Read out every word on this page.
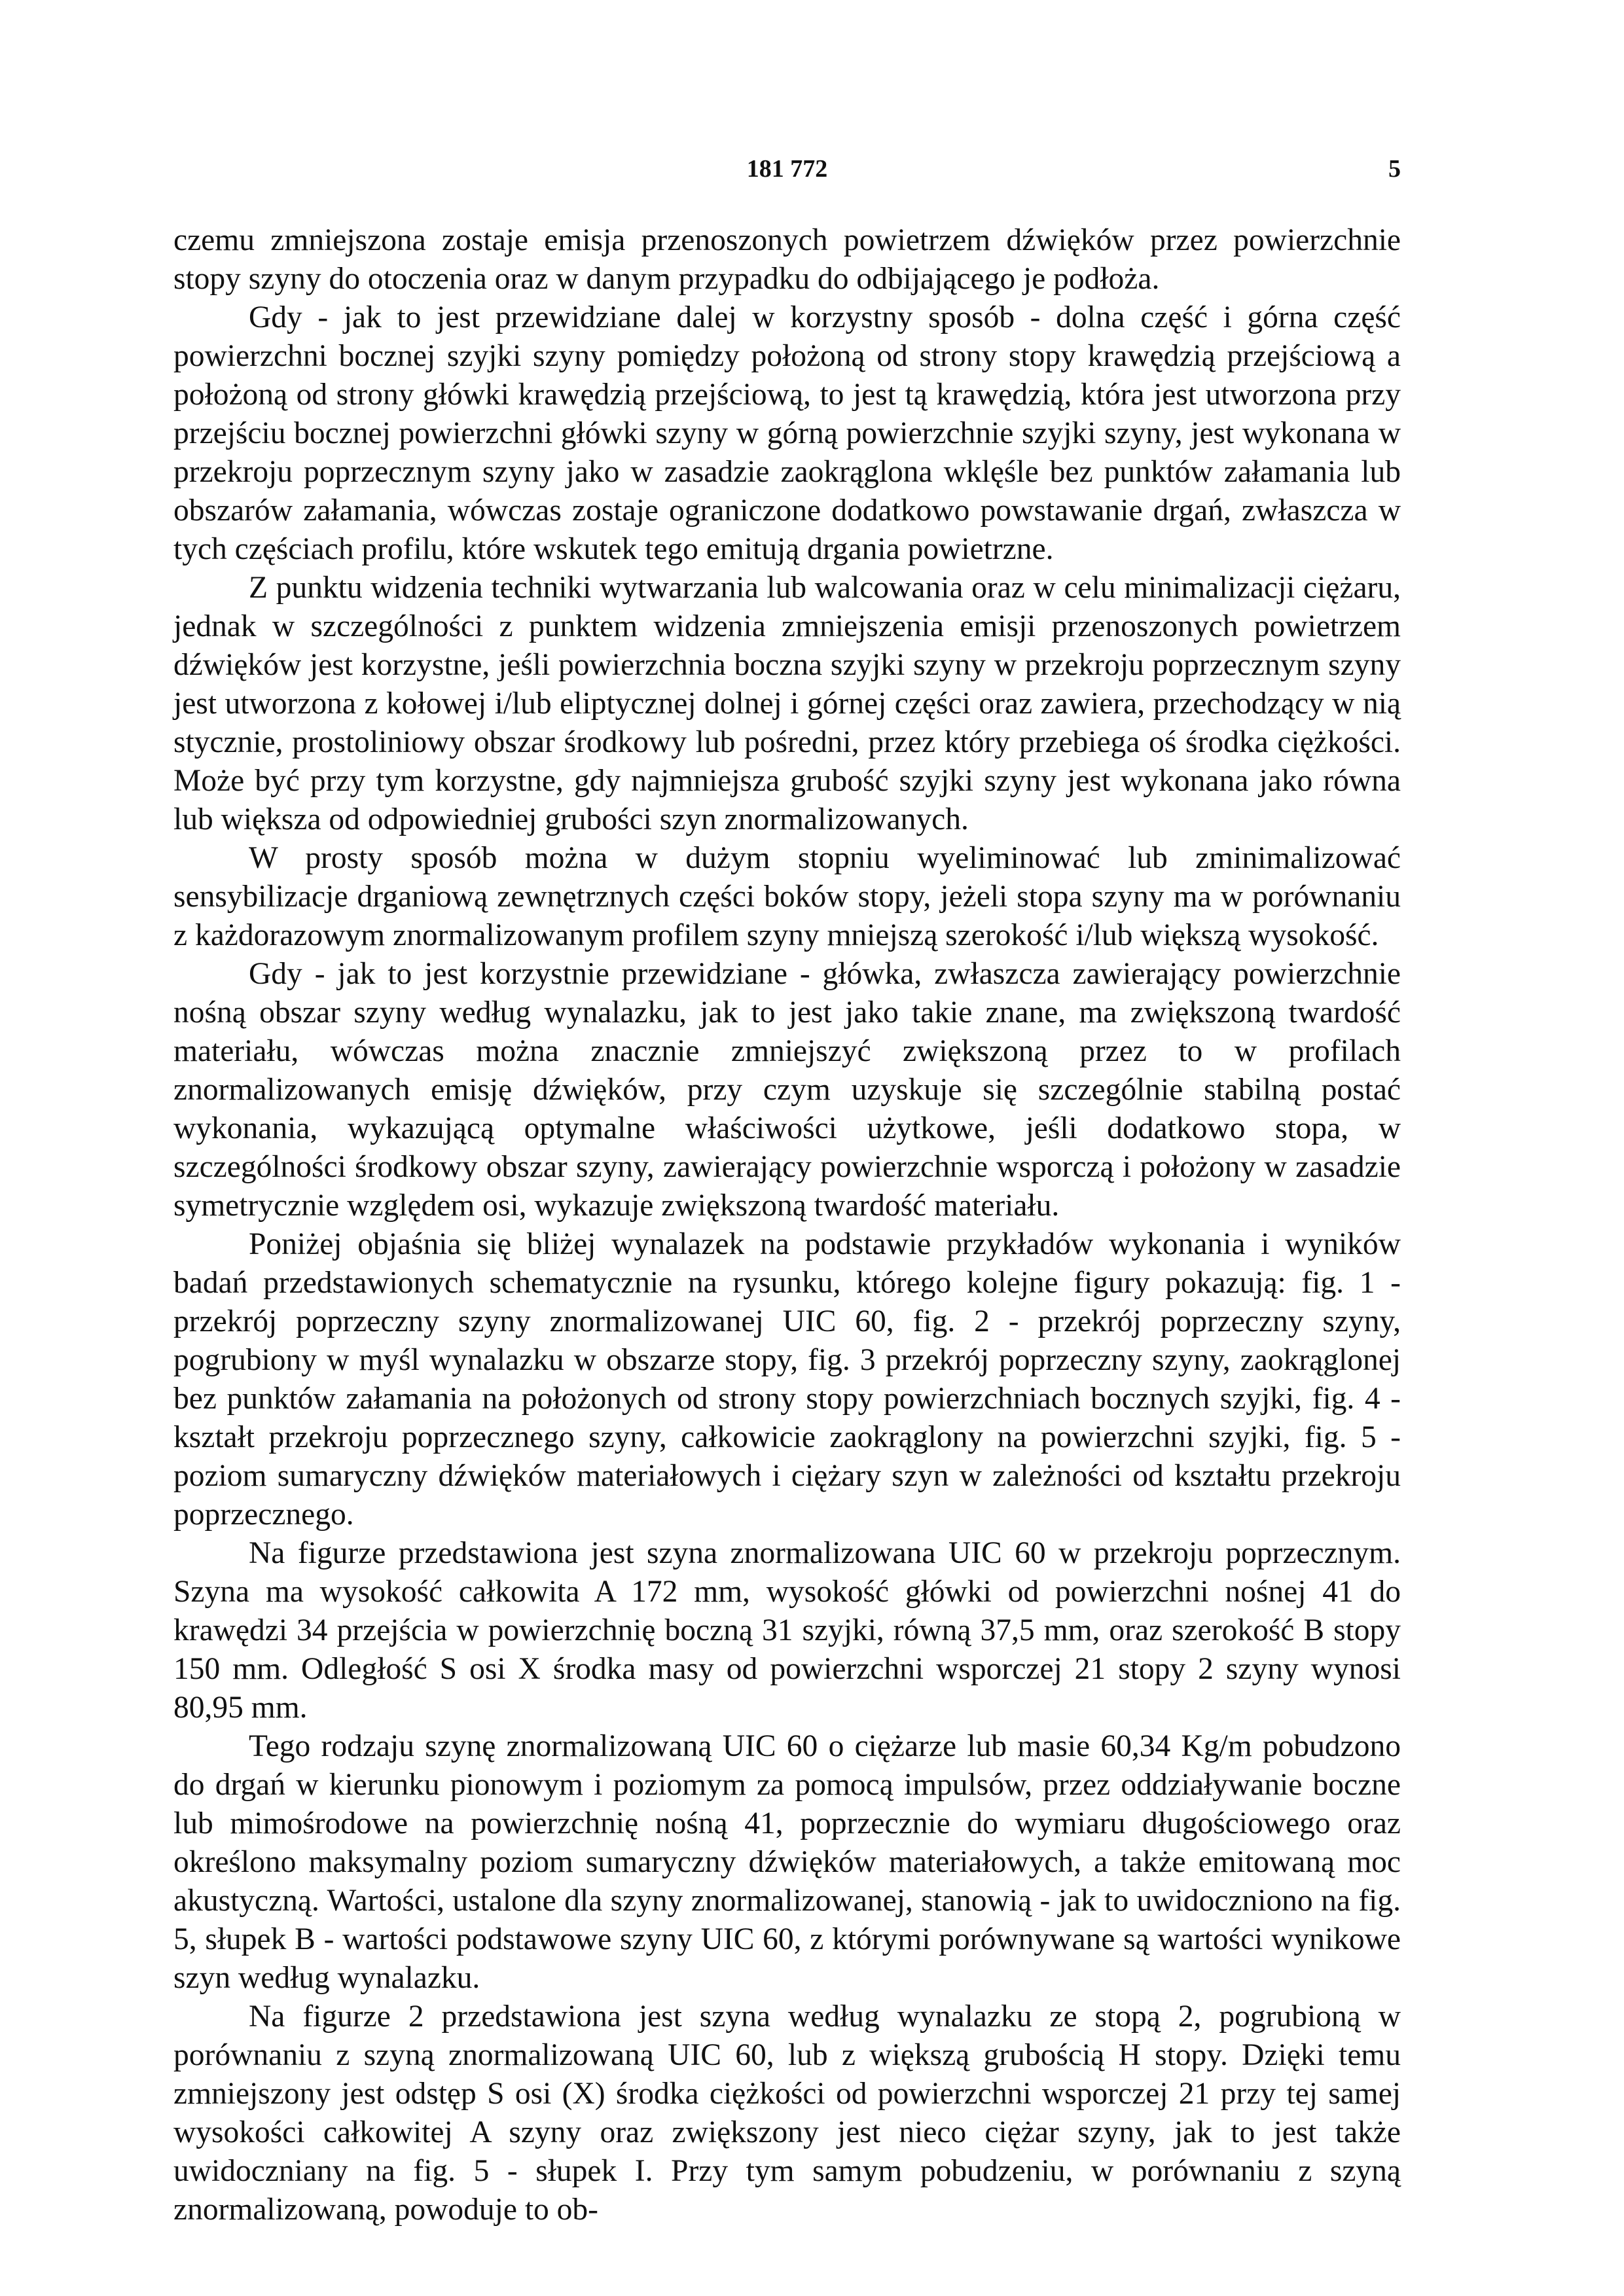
181 772	5

czemu zmniejszona zostaje emisja przenoszonych powietrzem dźwięków przez powierzchnie stopy szyny do otoczenia oraz w danym przypadku do odbijającego je podłoża.

Gdy - jak to jest przewidziane dalej w korzystny sposób - dolna część i górna część powierzchni bocznej szyjki szyny pomiędzy położoną od strony stopy krawędzią przejściową a położoną od strony główki krawędzią przejściową, to jest tą krawędzią, która jest utworzona przy przejściu bocznej powierzchni główki szyny w górną powierzchnie szyjki szyny, jest wykonana w przekroju poprzecznym szyny jako w zasadzie zaokrąglona wklęśle bez punktów załamania lub obszarów załamania, wówczas zostaje ograniczone dodatkowo powstawanie drgań, zwłaszcza w tych częściach profilu, które wskutek tego emitują drgania powietrzne.

Z punktu widzenia techniki wytwarzania lub walcowania oraz w celu minimalizacji ciężaru, jednak w szczególności z punktem widzenia zmniejszenia emisji przenoszonych powietrzem dźwięków jest korzystne, jeśli powierzchnia boczna szyjki szyny w przekroju poprzecznym szyny jest utworzona z kołowej i/lub eliptycznej dolnej i górnej części oraz zawiera, przechodzący w nią stycznie, prostoliniowy obszar środkowy lub pośredni, przez który przebiega oś środka ciężkości. Może być przy tym korzystne, gdy najmniejsza grubość szyjki szyny jest wykonana jako równa lub większa od odpowiedniej grubości szyn znormalizowanych.

W prosty sposób można w dużym stopniu wyeliminować lub zminimalizować sensybilizacje drganiową zewnętrznych części boków stopy, jeżeli stopa szyny ma w porównaniu z każdorazowym znormalizowanym profilem szyny mniejszą szerokość i/lub większą wysokość.

Gdy - jak to jest korzystnie przewidziane - główka, zwłaszcza zawierający powierzchnie nośną obszar szyny według wynalazku, jak to jest jako takie znane, ma zwiększoną twardość materiału, wówczas można znacznie zmniejszyć zwiększoną przez to w profilach znormalizowanych emisję dźwięków, przy czym uzyskuje się szczególnie stabilną postać wykonania, wykazującą optymalne właściwości użytkowe, jeśli dodatkowo stopa, w szczególności środkowy obszar szyny, zawierający powierzchnie wsporczą i położony w zasadzie symetrycznie względem osi, wykazuje zwiększoną twardość materiału.

Poniżej objaśnia się bliżej wynalazek na podstawie przykładów wykonania i wyników badań przedstawionych schematycznie na rysunku, którego kolejne figury pokazują: fig. 1 - przekrój poprzeczny szyny znormalizowanej UIC 60, fig. 2 - przekrój poprzeczny szyny, pogrubiony w myśl wynalazku w obszarze stopy, fig. 3 przekrój poprzeczny szyny, zaokrąglonej bez punktów załamania na położonych od strony stopy powierzchniach bocznych szyjki, fig. 4 - kształt przekroju poprzecznego szyny, całkowicie zaokrąglony na powierzchni szyjki, fig. 5 - poziom sumaryczny dźwięków materiałowych i ciężary szyn w zależności od kształtu przekroju poprzecznego.

Na figurze przedstawiona jest szyna znormalizowana UIC 60 w przekroju poprzecznym. Szyna ma wysokość całkowita A 172 mm, wysokość główki od powierzchni nośnej 41 do krawędzi 34 przejścia w powierzchnię boczną 31 szyjki, równą 37,5 mm, oraz szerokość B stopy 150 mm. Odległość S osi X środka masy od powierzchni wsporczej 21 stopy 2 szyny wynosi 80,95 mm.

Tego rodzaju szynę znormalizowaną UIC 60 o ciężarze lub masie 60,34 Kg/m pobudzono do drgań w kierunku pionowym i poziomym za pomocą impulsów, przez oddziaływanie boczne lub mimośrodowe na powierzchnię nośną 41, poprzecznie do wymiaru długościowego oraz określono maksymalny poziom sumaryczny dźwięków materiałowych, a także emitowaną moc akustyczną. Wartości, ustalone dla szyny znormalizowanej, stanowią - jak to uwidoczniono na fig. 5, słupek B - wartości podstawowe szyny UIC 60, z którymi porównywane są wartości wynikowe szyn według wynalazku.

Na figurze 2 przedstawiona jest szyna według wynalazku ze stopą 2, pogrubioną w porównaniu z szyną znormalizowaną UIC 60, lub z większą grubością H stopy. Dzięki temu zmniejszony jest odstęp S osi (X) środka ciężkości od powierzchni wsporczej 21 przy tej samej wysokości całkowitej A szyny oraz zwiększony jest nieco ciężar szyny, jak to jest także uwidoczniany na fig. 5 - słupek I. Przy tym samym pobudzeniu, w porównaniu z szyną znormalizowaną, powoduje to ob-
